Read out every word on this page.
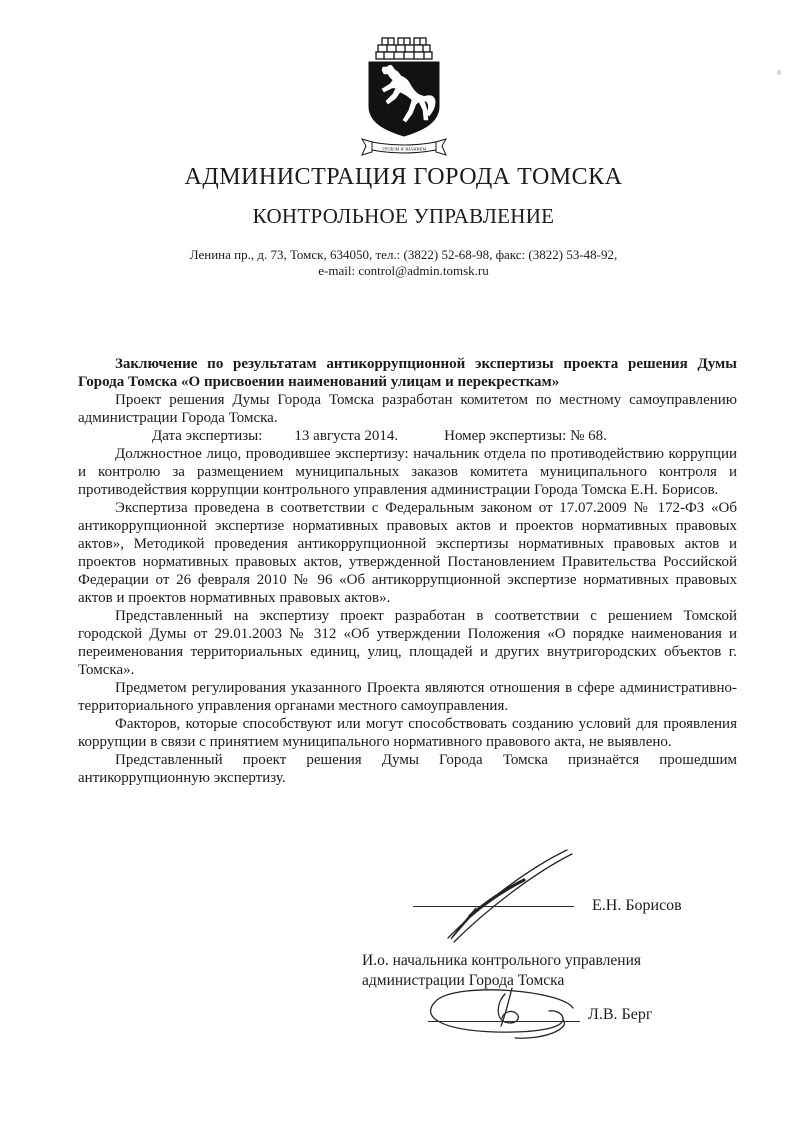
ТРУДОМ И ЗНАНИЕМ
АДМИНИСТРАЦИЯ ГОРОДА ТОМСКА
КОНТРОЛЬНОЕ УПРАВЛЕНИЕ
Ленина пр., д. 73, Томск, 634050, тел.: (3822) 52-68-98, факс: (3822) 53-48-92,
e-mail: control@admin.tomsk.ru

Заключение по результатам антикоррупционной экспертизы проекта решения Думы Города Томска «О присвоении наименований улицам и перекресткам»

Проект решения Думы Города Томска разработан комитетом по местному самоуправлению администрации Города Томска.

Дата экспертизы: 13 августа 2014.	Номер экспертизы: № 68.

Должностное лицо, проводившее экспертизу: начальник отдела по противодействию коррупции и контролю за размещением муниципальных заказов комитета муниципального контроля и противодействия коррупции контрольного управления администрации Города Томска Е.Н. Борисов.

Экспертиза проведена в соответствии с Федеральным законом от 17.07.2009 № 172-ФЗ «Об антикоррупционной экспертизе нормативных правовых актов и проектов нормативных правовых актов», Методикой проведения антикоррупционной экспертизы нормативных правовых актов и проектов нормативных правовых актов, утвержденной Постановлением Правительства Российской Федерации от 26 февраля 2010 № 96 «Об антикоррупционной экспертизе нормативных правовых актов и проектов нормативных правовых актов».

Представленный на экспертизу проект разработан в соответствии с решением Томской городской Думы от 29.01.2003 № 312 «Об утверждении Положения «О порядке наименования и переименования территориальных единиц, улиц, площадей и других внутригородских объектов г. Томска».

Предметом регулирования указанного Проекта являются отношения в сфере административно-территориального управления органами местного самоуправления.

Факторов, которые способствуют или могут способствовать созданию условий для проявления коррупции в связи с принятием муниципального нормативного правового акта, не выявлено.

Представленный проект решения Думы Города Томска признаётся прошедшим антикоррупционную экспертизу.

Е.Н. Борисов
И.о. начальника контрольного управления
администрации Города Томска
Л.В. Берг
